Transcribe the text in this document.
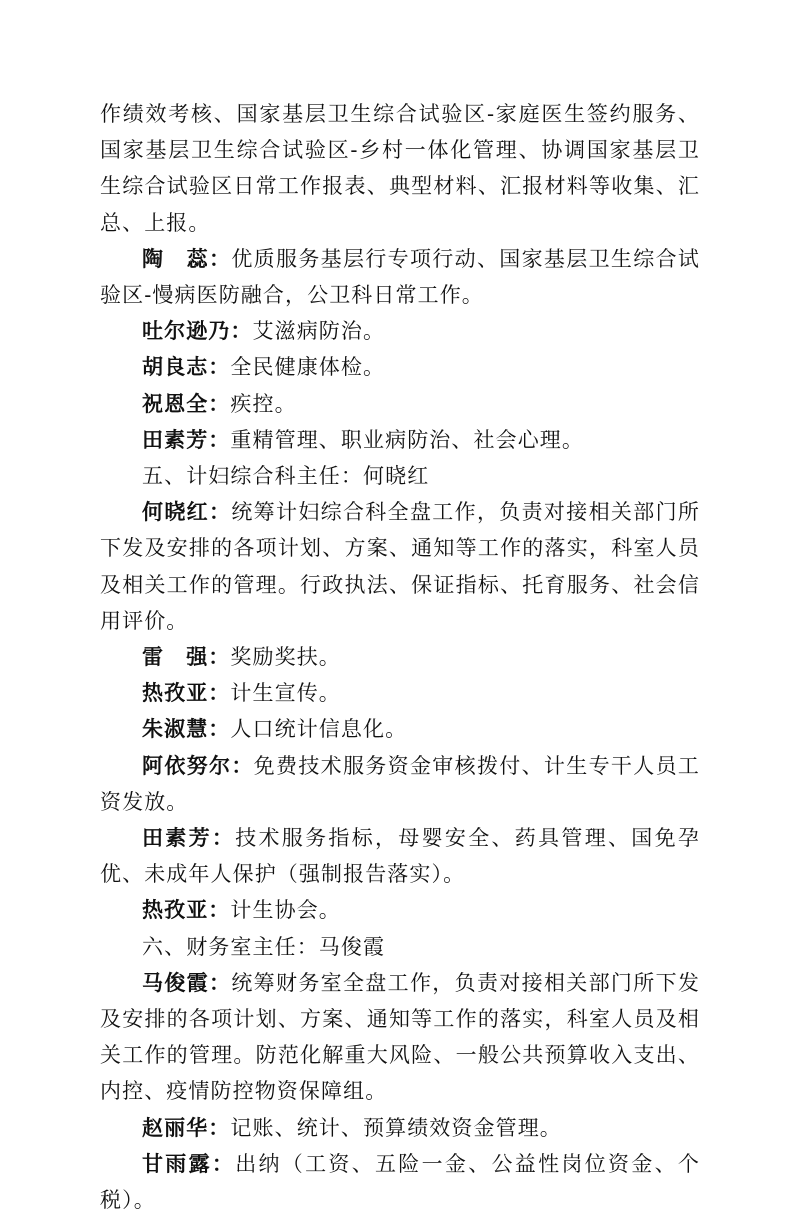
作绩效考核、国家基层卫生综合试验区-家庭医生签约服务、国家基层卫生综合试验区-乡村一体化管理、协调国家基层卫生综合试验区日常工作报表、典型材料、汇报材料等收集、汇总、上报。

陶　蕊：优质服务基层行专项行动、国家基层卫生综合试验区-慢病医防融合，公卫科日常工作。

吐尔逊乃：艾滋病防治。

胡良志：全民健康体检。

祝恩全：疾控。

田素芳：重精管理、职业病防治、社会心理。

五、计妇综合科主任：何晓红

何晓红：统筹计妇综合科全盘工作，负责对接相关部门所下发及安排的各项计划、方案、通知等工作的落实，科室人员及相关工作的管理。行政执法、保证指标、托育服务、社会信用评价。

雷　强：奖励奖扶。

热孜亚：计生宣传。

朱淑慧：人口统计信息化。

阿依努尔：免费技术服务资金审核拨付、计生专干人员工资发放。

田素芳：技术服务指标，母婴安全、药具管理、国免孕优、未成年人保护（强制报告落实）。

热孜亚：计生协会。

六、财务室主任：马俊霞

马俊霞：统筹财务室全盘工作，负责对接相关部门所下发及安排的各项计划、方案、通知等工作的落实，科室人员及相关工作的管理。防范化解重大风险、一般公共预算收入支出、内控、疫情防控物资保障组。

赵丽华：记账、统计、预算绩效资金管理。

甘雨露：出纳（工资、五险一金、公益性岗位资金、个税）。
